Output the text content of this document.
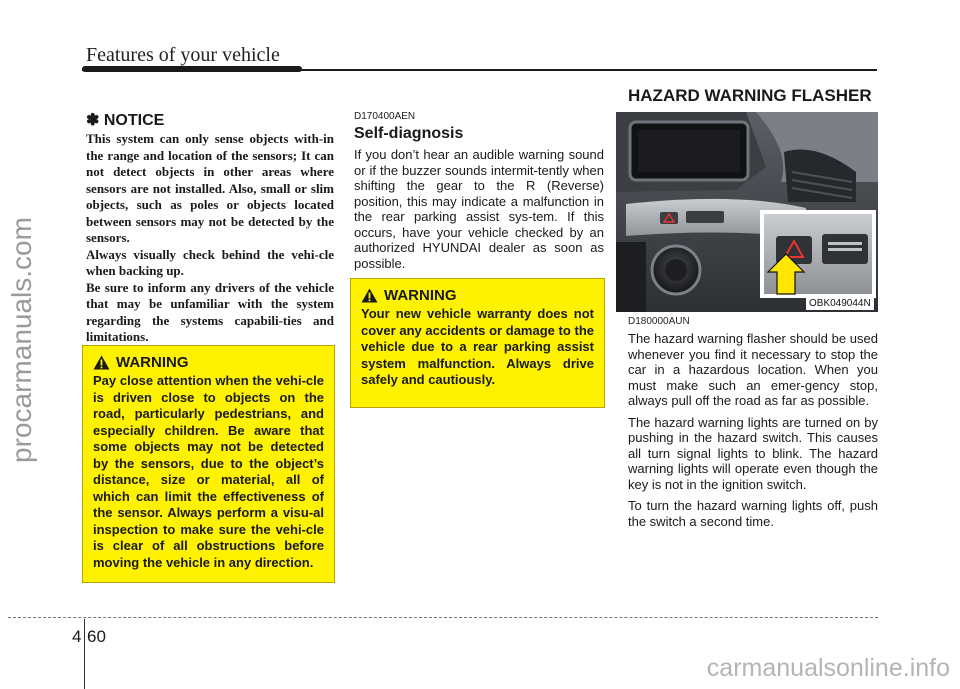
Features of your vehicle
procarmanuals.com
carmanualsonline.info
✽ NOTICE

This system can only sense objects with-in the range and location of the sensors; It can not detect objects in other areas where sensors are not installed. Also, small or slim objects, such as poles or objects located between sensors may not be detected by the sensors.

Always visually check behind the vehi-cle when backing up.

Be sure to inform any drivers of the vehicle that may be unfamiliar with the system regarding the systems capabili-ties and limitations.

WARNING
Pay close attention when the vehi-cle is driven close to objects on the road, particularly pedestrians, and especially children. Be aware that some objects may not be detected by the sensors, due to the object’s distance, size or material, all of which can limit the effectiveness of the sensor. Always perform a visu-al inspection to make sure the vehi-cle is clear of all obstructions before moving the vehicle in any direction.
D170400AEN
Self-diagnosis
If you don’t hear an audible warning sound or if the buzzer sounds intermit-tently when shifting the gear to the R (Reverse) position, this may indicate a malfunction in the rear parking assist sys-tem. If this occurs, have your vehicle checked by an authorized HYUNDAI dealer as soon as possible.
WARNING
Your new vehicle warranty does not cover any accidents or damage to the vehicle due to a rear parking assist system malfunction. Always drive safely and cautiously.
HAZARD WARNING FLASHER
OBK049044N
D180000AUN

The hazard warning flasher should be used whenever you find it necessary to stop the car in a hazardous location. When you must make such an emer-gency stop, always pull off the road as far as possible.

The hazard warning lights are turned on by pushing in the hazard switch. This causes all turn signal lights to blink. The hazard warning lights will operate even though the key is not in the ignition switch.

To turn the hazard warning lights off, push the switch a second time.

4 60
